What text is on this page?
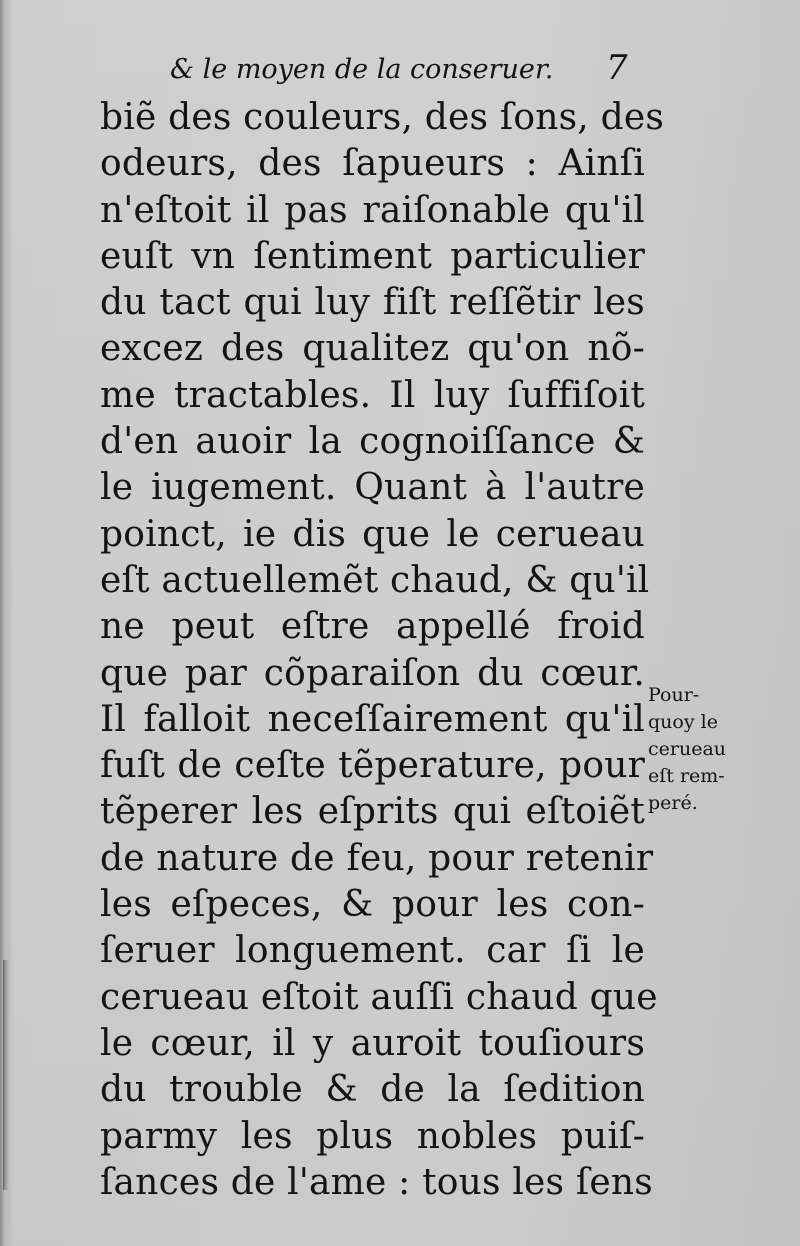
& le moyen de la conseruer. 7
biẽ des couleurs, des ſons, des
odeurs, des ſapueurs : Ainſi
n'eſtoit il pas raiſonable qu'il
euſt vn ſentiment particulier
du tact qui luy fiſt reſſẽtir les
excez des qualitez qu'on nõ-
me tractables. Il luy ſuffiſoit
d'en auoir la cognoiſſance &
le iugement. Quant à l'autre
poinct, ie dis que le cerueau
eſt actuellemẽt chaud, & qu'il
ne peut eſtre appellé froid
que par cõparaiſon du cœur.
Il falloit neceſſairement qu'il
fuſt de ceſte tẽperature, pour
tẽperer les eſprits qui eſtoiẽt
de nature de feu, pour retenir
les eſpeces, & pour les con-
ſeruer longuement. car ſi le
cerueau eſtoit auſſi chaud que
le cœur, il y auroit touſiours
du trouble & de la ſedition
parmy les plus nobles puiſ-
ſances de l'ame : tous les ſens
Pour-
quoy le
cerueau
eſt rem-
peré.
